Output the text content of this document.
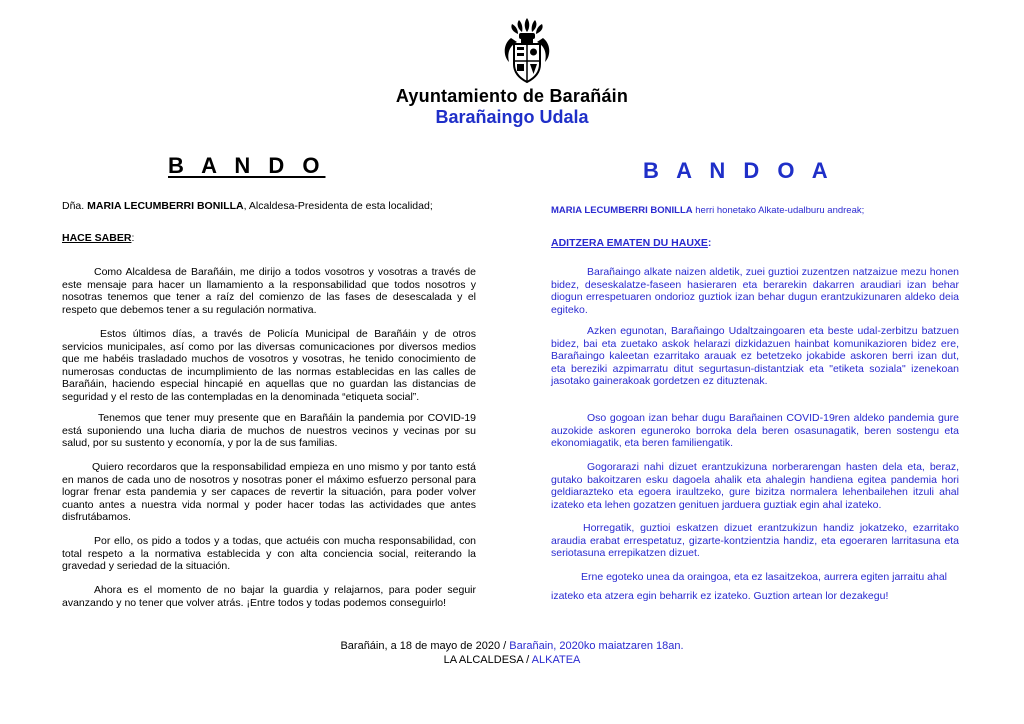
Ayuntamiento de Barañáin
Barañaingo Udala
B A N D O
Dña. MARIA LECUMBERRI BONILLA, Alcaldesa-Presidenta de esta localidad;
HACE SABER:
Como Alcaldesa de Barañáin, me dirijo a todos vosotros y vosotras a través de este mensaje para hacer un llamamiento a la responsabilidad que todos nosotros y nosotras tenemos que tener a raíz del comienzo de las fases de desescalada y el respeto que debemos tener a su regulación normativa.
Estos últimos días, a través de Policía Municipal de Barañáin y de otros servicios municipales, así como por las diversas comunicaciones por diversos medios que me habéis trasladado muchos de vosotros y vosotras, he tenido conocimiento de numerosas conductas de incumplimiento de las normas establecidas en las calles de Barañáin, haciendo especial hincapié en aquellas que no guardan las distancias de seguridad y el resto de las contempladas en la denominada “etiqueta social”.
Tenemos que tener muy presente que en Barañáin la pandemia por COVID-19 está suponiendo una lucha diaria de muchos de nuestros vecinos y vecinas por su salud, por su sustento y economía, y por la de sus familias.
Quiero recordaros que la responsabilidad empieza en uno mismo y por tanto está en manos de cada uno de nosotros y nosotras poner el máximo esfuerzo personal para lograr frenar esta pandemia y ser capaces de revertir la situación, para poder volver cuanto antes a nuestra vida normal y poder hacer todas las actividades que antes disfrutábamos.
Por ello, os pido a todos y a todas, que actuéis con mucha responsabilidad, con total respeto a la normativa establecida y con alta conciencia social, reiterando la gravedad y seriedad de la situación.
Ahora es el momento de no bajar la guardia y relajarnos, para poder seguir avanzando y no tener que volver atrás. ¡Entre todos y todas podemos conseguirlo!
B A N D O A
MARIA LECUMBERRI BONILLA herri honetako Alkate-udalburu andreak;
ADITZERA EMATEN DU HAUXE:
Barañaingo alkate naizen aldetik, zuei guztioi zuzentzen natzaizue mezu honen bidez, deseskalatze-faseen hasieraren eta berarekin dakarren araudiari izan behar diogun errespetuaren ondorioz guztiok izan behar dugun erantzukizunaren aldeko deia egiteko.
Azken egunotan, Barañaingo Udaltzaingoaren eta beste udal-zerbitzu batzuen bidez, bai eta zuetako askok helarazi dizkidazuen hainbat komunikazioren bidez ere, Barañaingo kaleetan ezarritako arauak ez betetzeko jokabide askoren berri izan dut, eta bereziki azpimarratu ditut segurtasun-distantziak eta "etiketa soziala" izenekoan jasotako gainerakoak gordetzen ez dituztenak.
Oso gogoan izan behar dugu Barañainen COVID-19ren aldeko pandemia gure auzokide askoren eguneroko borroka dela beren osasunagatik, beren sostengu eta ekonomiagatik, eta beren familiengatik.
Gogorarazi nahi dizuet erantzukizuna norberarengan hasten dela eta, beraz, gutako bakoitzaren esku dagoela ahalik eta ahalegin handiena egitea pandemia hori geldiarazteko eta egoera iraultzeko, gure bizitza normalera lehenbailehen itzuli ahal izateko eta lehen gozatzen genituen jarduera guztiak egin ahal izateko.
Horregatik, guztioi eskatzen dizuet erantzukizun handiz jokatzeko, ezarritako araudia erabat errespetatuz, gizarte-kontzientzia handiz, eta egoeraren larritasuna eta seriotasuna errepikatzen dizuet.
Erne egoteko unea da oraingoa, eta ez lasaitzekoa, aurrera egiten jarraitu ahal
izateko eta atzera egin beharrik ez izateko. Guztion artean lor dezakegu!
Barañáin, a 18 de mayo de 2020 / Barañain, 2020ko maiatzaren 18an.
LA ALCALDESA / ALKATEA
